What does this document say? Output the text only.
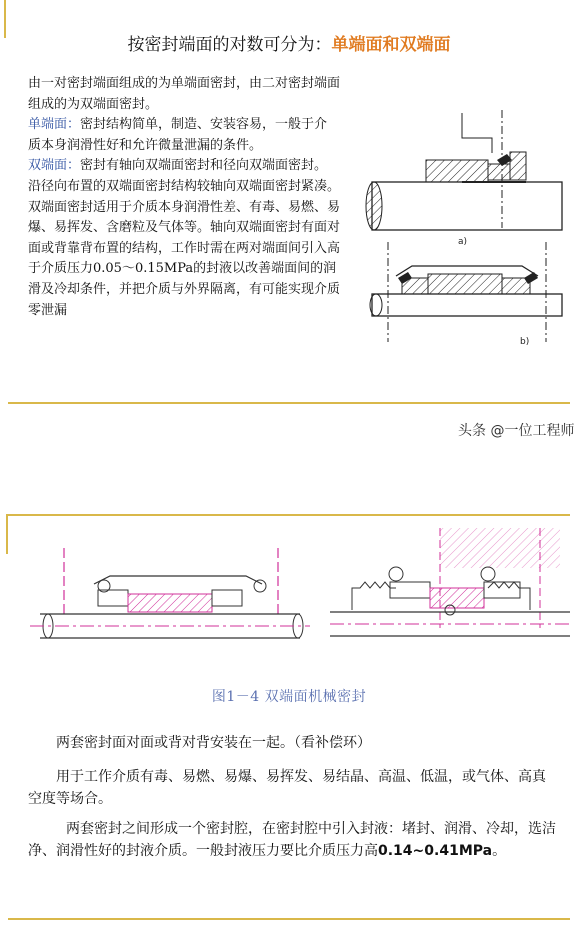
按密封端面的对数可分为：单端面和双端面
由一对密封端面组成的为单端面密封，由二对密封端面组成的为双端面密封。
单端面：密封结构简单，制造、安装容易，一般于介质本身润滑性好和允许微量泄漏的条件。
双端面：密封有轴向双端面密封和径向双端面密封。沿径向布置的双端面密封结构较轴向双端面密封紧凑。双端面密封适用于介质本身润滑性差、有毒、易燃、易爆、易挥发、含磨粒及气体等。轴向双端面密封有面对面或背靠背布置的结构，工作时需在两对端面间引入高于介质压力0.05～0.15MPa的封液以改善端面间的润滑及冷却条件，并把介质与外界隔离，有可能实现介质零泄漏
a)
b)
头条 @一位工程师
图1－4 双端面机械密封
两套密封面对面或背对背安装在一起。（看补偿环）
用于工作介质有毒、易燃、易爆、易挥发、易结晶、高温、低温，或气体、高真空度等场合。
两套密封之间形成一个密封腔，在密封腔中引入封液：堵封、润滑、冷却，选洁净、润滑性好的封液介质。一般封液压力要比介质压力高0.14~0.41MPa。
